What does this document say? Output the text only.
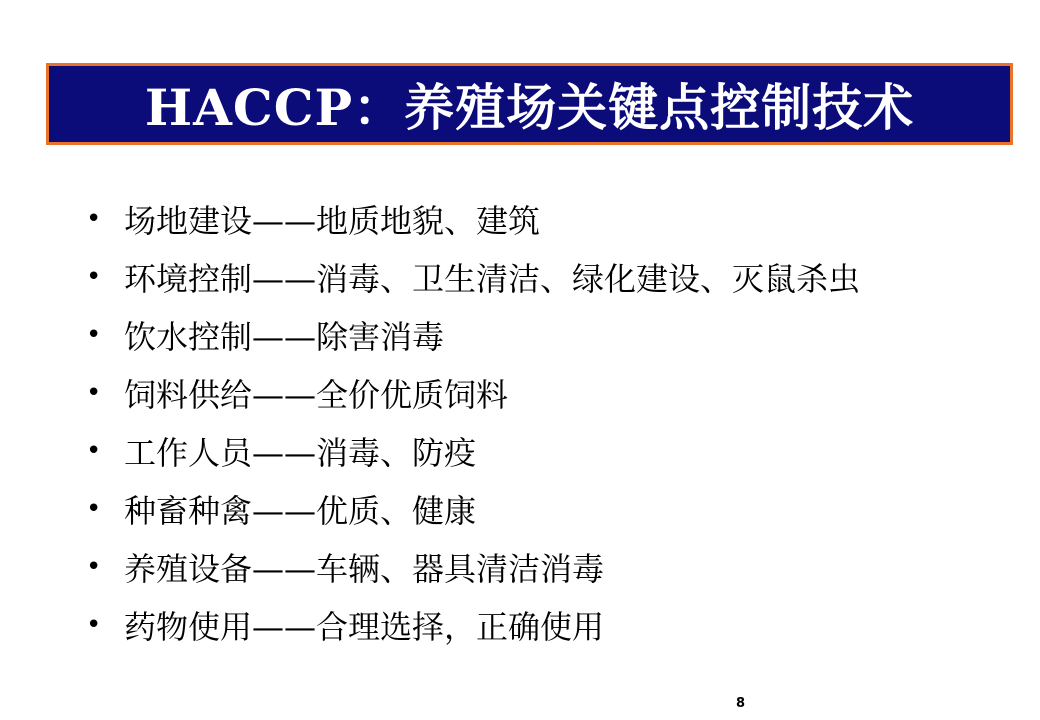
HACCP：养殖场关键点控制技术
• 场地建设——地质地貌、建筑
• 环境控制——消毒、卫生清洁、绿化建设、灭鼠杀虫
• 饮水控制——除害消毒
• 饲料供给——全价优质饲料
• 工作人员——消毒、防疫
• 种畜种禽——优质、健康
• 养殖设备——车辆、器具清洁消毒
• 药物使用——合理选择，正确使用
8
